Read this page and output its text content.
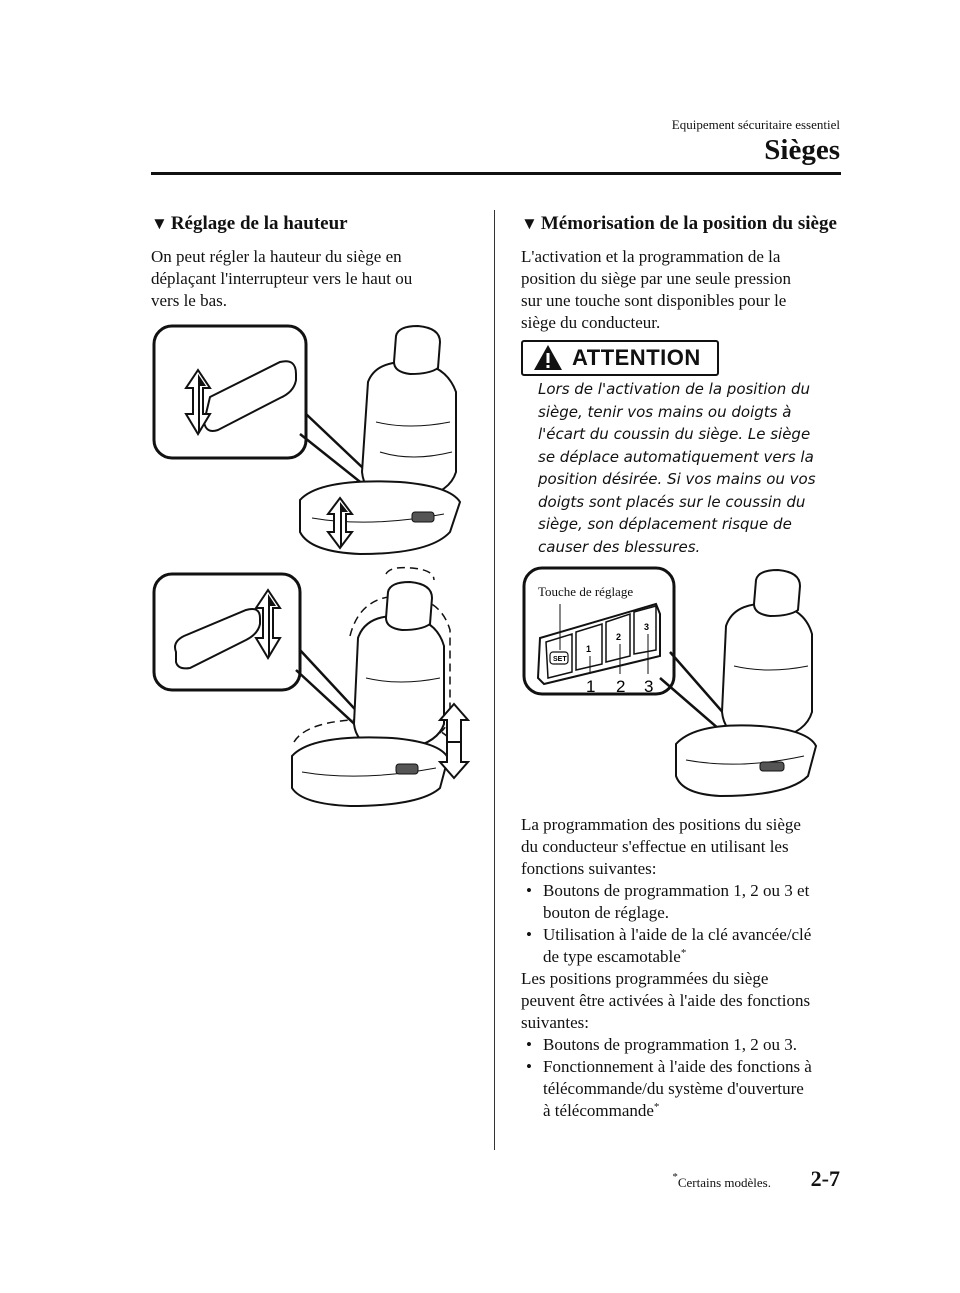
Equipement sécuritaire essentiel
Sièges
▼ Réglage de la hauteur
On peut régler la hauteur du siège en
déplaçant l'interrupteur vers le haut ou
vers le bas.
▼ Mémorisation de la position du siège
L'activation et la programmation de la
position du siège par une seule pression
sur une touche sont disponibles pour le
siège du conducteur.
ATTENTION
Lors de l'activation de la position du
siège, tenir vos mains ou doigts à
l'écart du coussin du siège. Le siège
se déplace automatiquement vers la
position désirée. Si vos mains ou vos
doigts sont placés sur le coussin du
siège, son déplacement risque de
causer des blessures.
SET
1
2
3
1 2 3
Touche de réglage
La programmation des positions du siège
du conducteur s'effectue en utilisant les
fonctions suivantes:
• Boutons de programmation 1, 2 ou 3 et
bouton de réglage.
• Utilisation à l'aide de la clé avancée/clé
de type escamotable*
Les positions programmées du siège
peuvent être activées à l'aide des fonctions
suivantes:
• Boutons de programmation 1, 2 ou 3.
• Fonctionnement à l'aide des fonctions à
télécommande/du système d'ouverture
à télécommande*
*Certains modèles. 2-7
